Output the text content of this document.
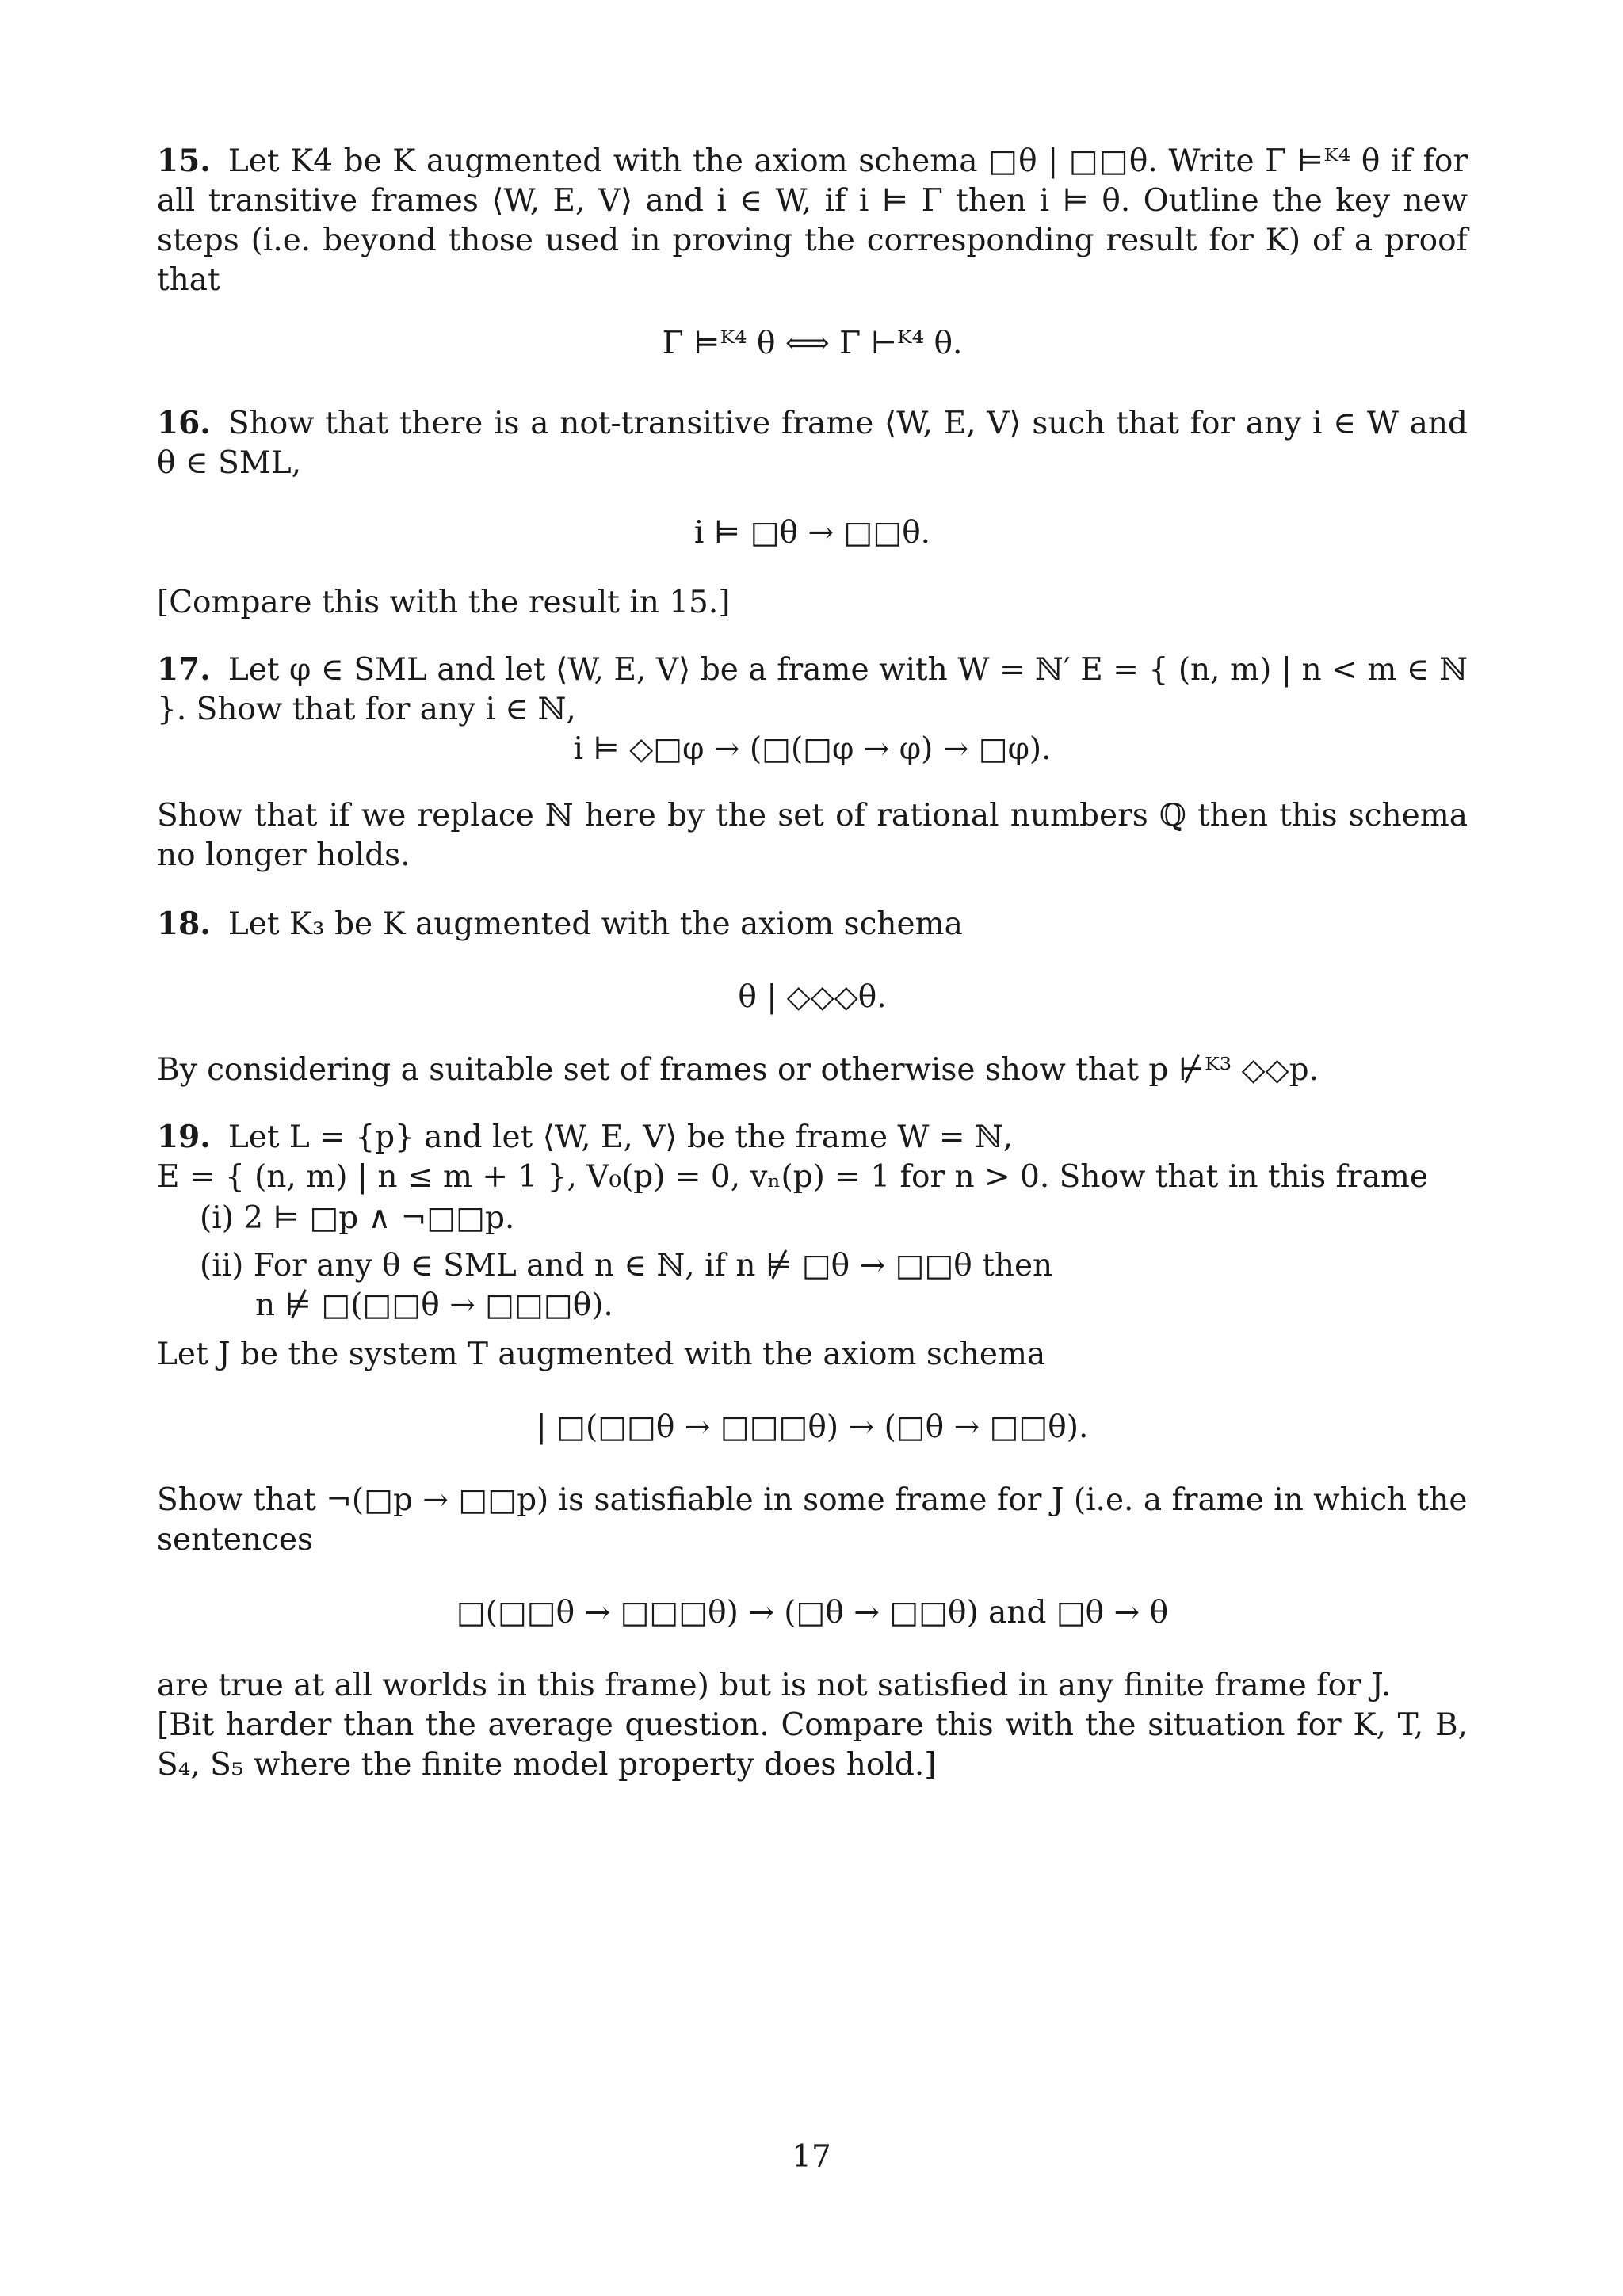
15. Let K4 be K augmented with the axiom schema □θ | □□θ. Write Γ ⊨ᴷ⁴ θ if for all transitive frames ⟨W, E, V⟩ and i ∈ W, if i ⊨ Γ then i ⊨ θ. Outline the key new steps (i.e. beyond those used in proving the corresponding result for K) of a proof that

Γ ⊨ᴷ⁴ θ ⟺ Γ ⊢ᴷ⁴ θ.

16. Show that there is a not-transitive frame ⟨W, E, V⟩ such that for any i ∈ W and θ ∈ SML,

i ⊨ □θ → □□θ.

[Compare this with the result in 15.]

17. Let φ ∈ SML and let ⟨W, E, V⟩ be a frame with W = ℕ′ E = { (n, m) | n < m ∈ ℕ }. Show that for any i ∈ ℕ,

i ⊨ ◇□φ → (□(□φ → φ) → □φ).

Show that if we replace ℕ here by the set of rational numbers ℚ then this schema no longer holds.

18. Let K₃ be K augmented with the axiom schema

θ | ◇◇◇θ.

By considering a suitable set of frames or otherwise show that p ⊬ᴷ³ ◇◇p.

19. Let L = {p} and let ⟨W, E, V⟩ be the frame W = ℕ,

E = { (n, m) | n ≤ m + 1 }, V₀(p) = 0, vₙ(p) = 1 for n > 0. Show that in this frame

(i) 2 ⊨ □p ∧ ¬□□p.

(ii) For any θ ∈ SML and n ∈ ℕ, if n ⊭ □θ → □□θ then

n ⊭ □(□□θ → □□□θ).

Let J be the system T augmented with the axiom schema

| □(□□θ → □□□θ) → (□θ → □□θ).

Show that ¬(□p → □□p) is satisfiable in some frame for J (i.e. a frame in which the sentences

□(□□θ → □□□θ) → (□θ → □□θ) and □θ → θ

are true at all worlds in this frame) but is not satisfied in any finite frame for J.

[Bit harder than the average question. Compare this with the situation for K, T, B, S₄, S₅ where the finite model property does hold.]

17
